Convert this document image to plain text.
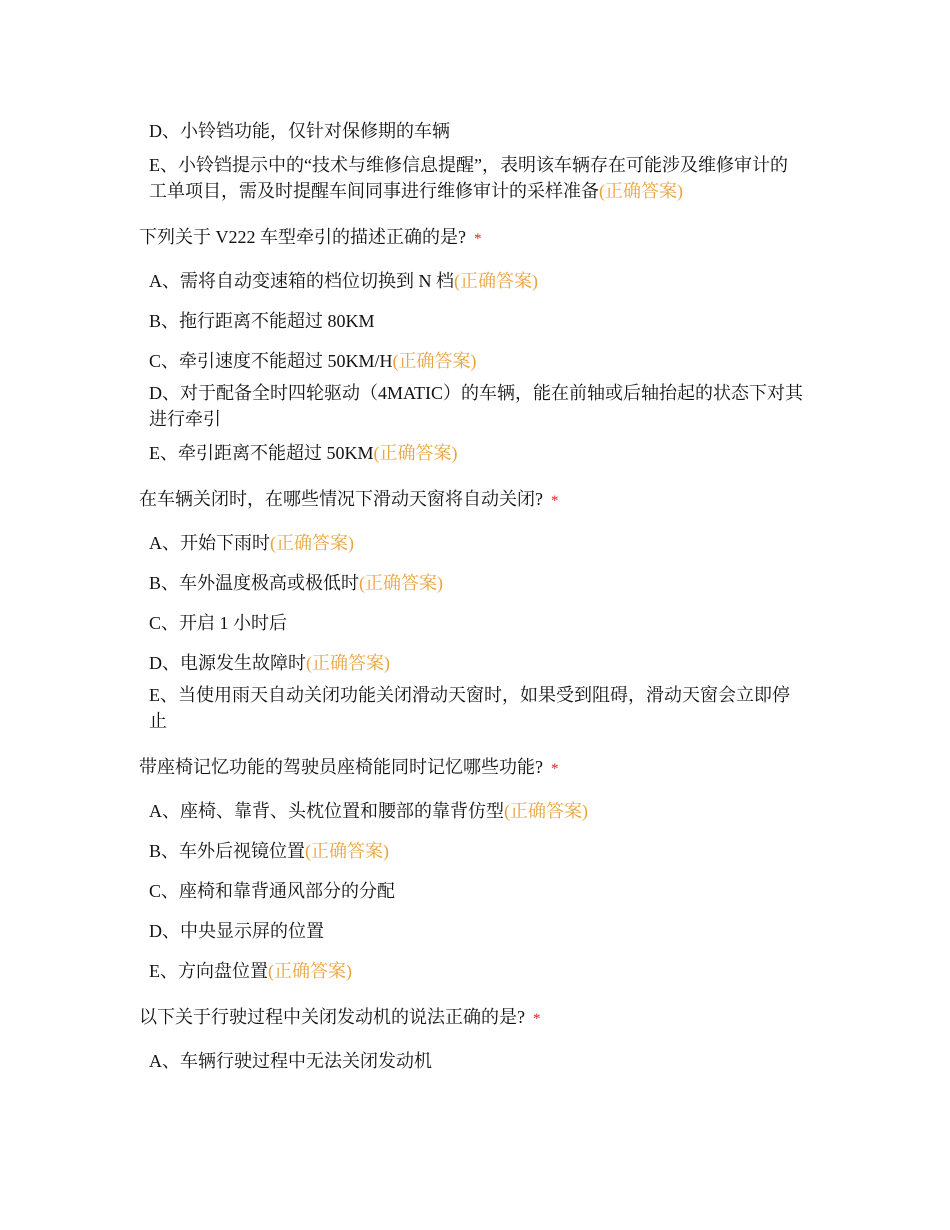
D、小铃铛功能，仅针对保修期的车辆
E、小铃铛提示中的“技术与维修信息提醒”，表明该车辆存在可能涉及维修审计的工单项目，需及时提醒车间同事进行维修审计的采样准备(正确答案)
下列关于 V222 车型牵引的描述正确的是? *
A、需将自动变速箱的档位切换到 N 档(正确答案)
B、拖行距离不能超过 80KM
C、牵引速度不能超过 50KM/H(正确答案)
D、对于配备全时四轮驱动（4MATIC）的车辆，能在前轴或后轴抬起的状态下对其进行牵引
E、牵引距离不能超过 50KM(正确答案)
在车辆关闭时，在哪些情况下滑动天窗将自动关闭? *
A、开始下雨时(正确答案)
B、车外温度极高或极低时(正确答案)
C、开启 1 小时后
D、电源发生故障时(正确答案)
E、当使用雨天自动关闭功能关闭滑动天窗时，如果受到阻碍，滑动天窗会立即停止
带座椅记忆功能的驾驶员座椅能同时记忆哪些功能? *
A、座椅、靠背、头枕位置和腰部的靠背仿型(正确答案)
B、车外后视镜位置(正确答案)
C、座椅和靠背通风部分的分配
D、中央显示屏的位置
E、方向盘位置(正确答案)
以下关于行驶过程中关闭发动机的说法正确的是? *
A、车辆行驶过程中无法关闭发动机
